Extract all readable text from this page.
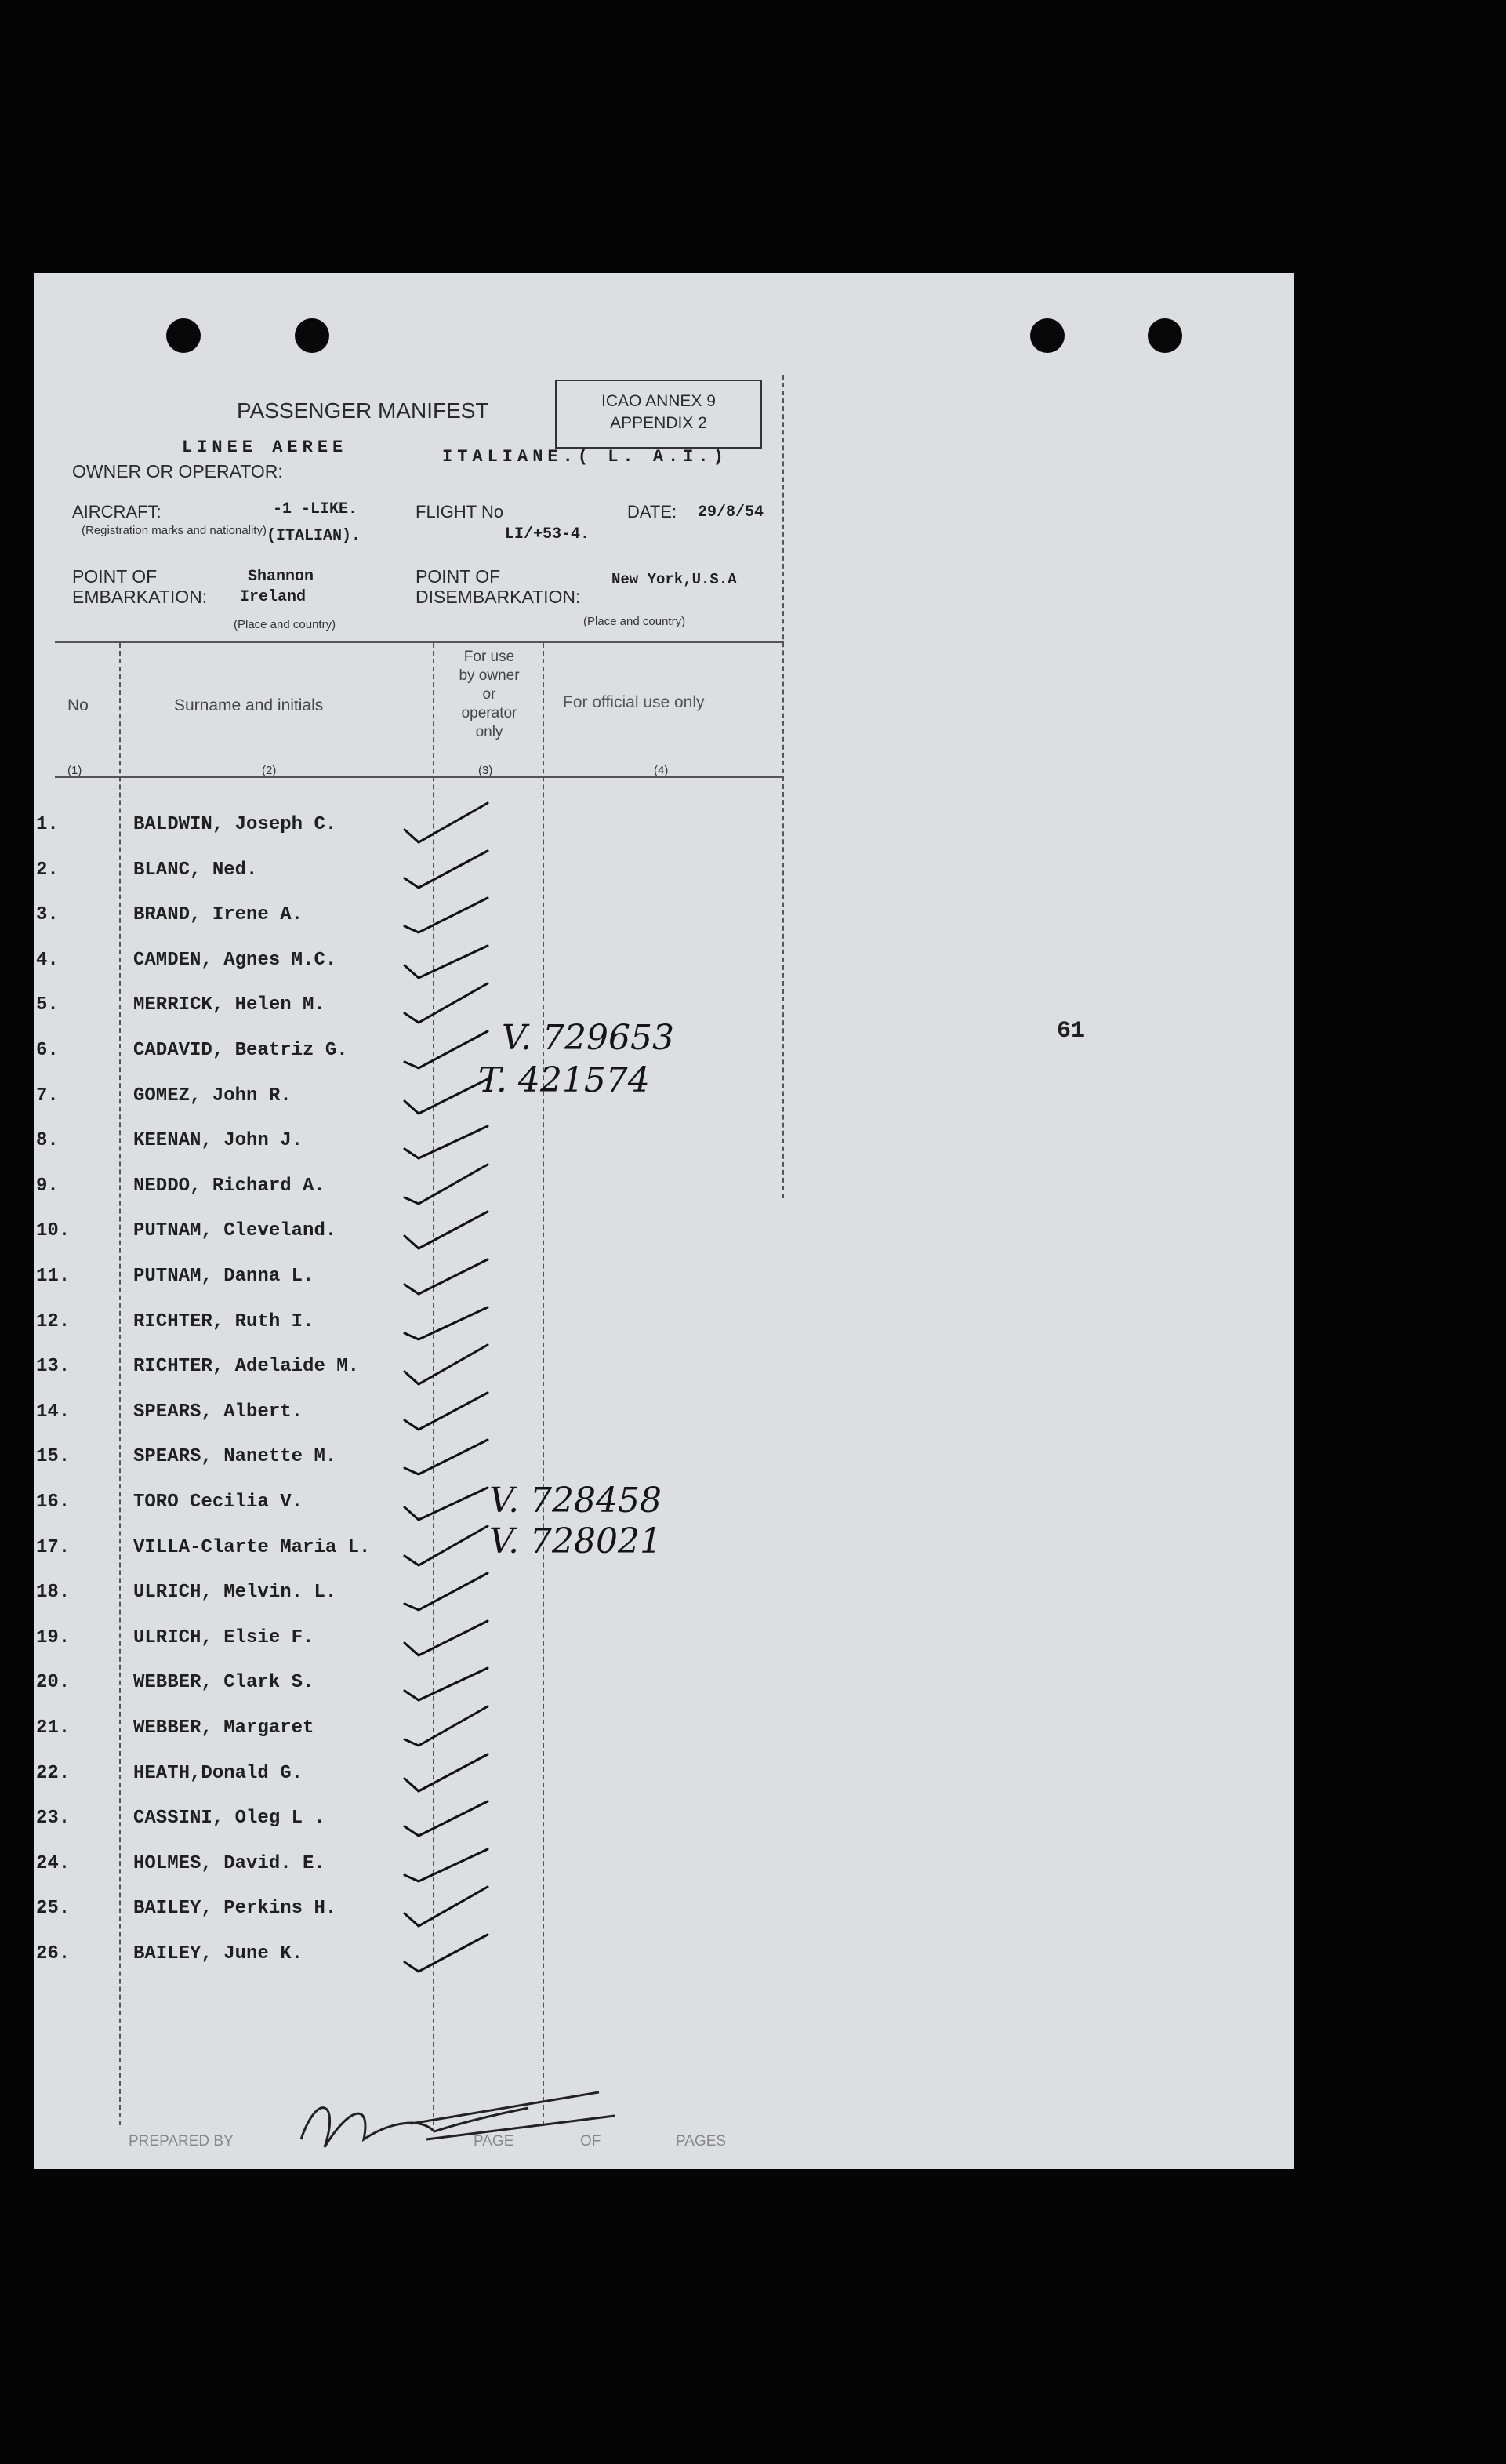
PASSENGER MANIFEST	ICAO ANNEX 9
APPENDIX 2
LINEE AEREE	ITALIANE.( L. A.I.)
OWNER OR OPERATOR:
AIRCRAFT:	-1 -LIKE.
(Registration marks and nationality) (ITALIAN).
FLIGHT No
LI/+53-4.
DATE: 29/8/54
POINT OF
EMBARKATION:
Shannon
Ireland
(Place and country)
POINT OF
DISEMBARKATION:
New York,U.S.A
(Place and country)
No	Surname and initials
For use
by owner
or
operator
only
For official use only
(1)	(2)	(3)	(4)
1.	BALDWIN, Joseph C.
2.	BLANC, Ned.
3.	BRAND, Irene A.
4.	CAMDEN, Agnes M.C.
5.	MERRICK, Helen M.
6.	CADAVID, Beatriz G.
7.	GOMEZ, John R.
8.	KEENAN, John J.
9.	NEDDO, Richard A.
10.	PUTNAM, Cleveland.
11.	PUTNAM, Danna L.
12.	RICHTER, Ruth I.
13.	RICHTER, Adelaide M.
14.	SPEARS, Albert.
15.	SPEARS, Nanette M.
16.	TORO Cecilia V.
17.	VILLA-Clarte Maria L.
18.	ULRICH, Melvin. L.
19.	ULRICH, Elsie F.
20.	WEBBER, Clark S.
21.	WEBBER, Margaret
22.	HEATH,Donald G.
23.	CASSINI, Oleg L .
24.	HOLMES, David. E.
25.	BAILEY, Perkins H.
26.	BAILEY, June K.
V. 729653
T. 421574
V. 728458
V. 728021
61
PREPARED BY	PAGE	OF	PAGES
